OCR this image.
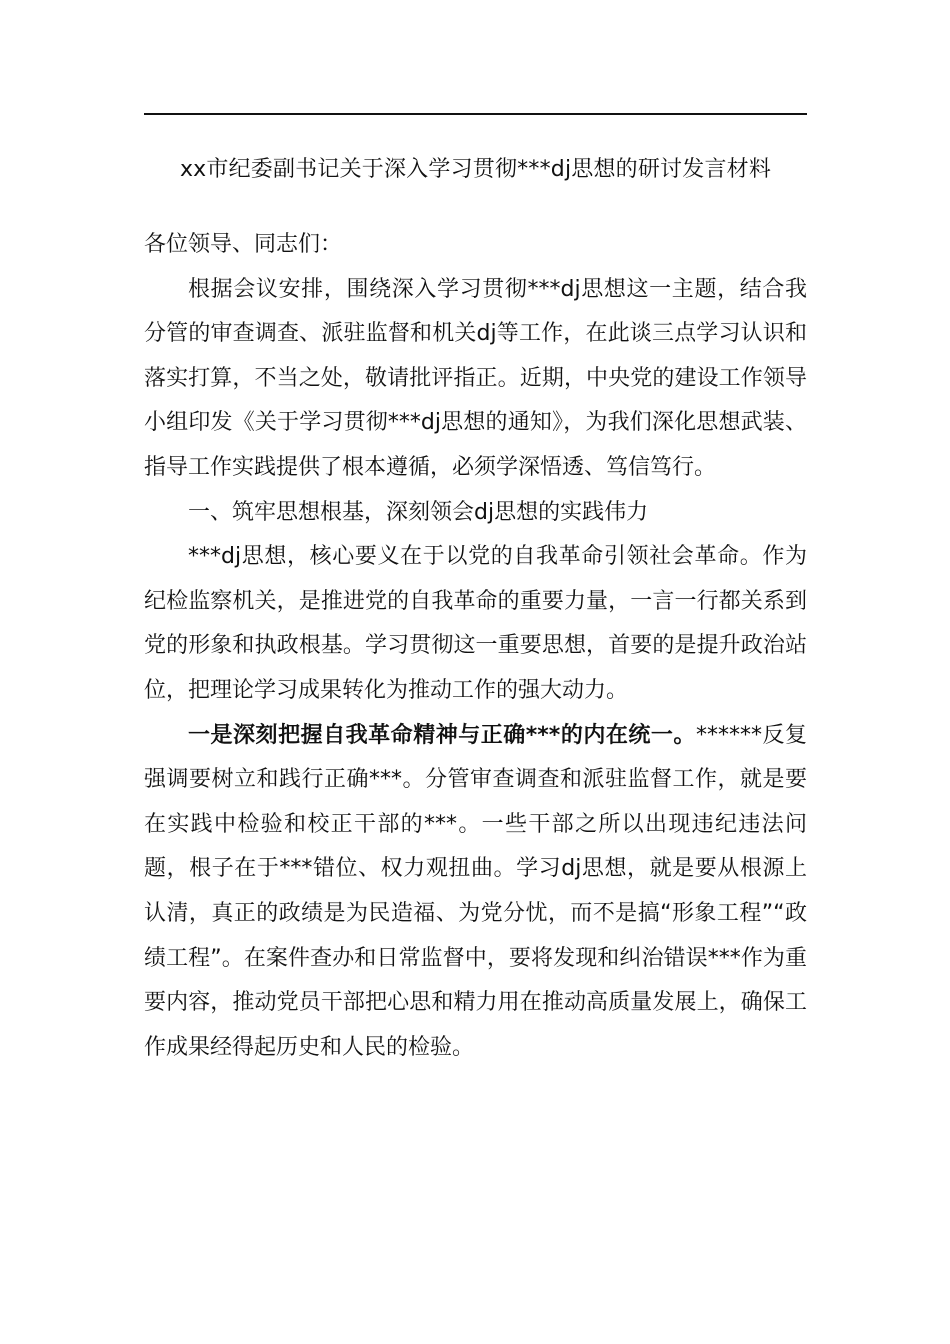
xx市纪委副书记关于深入学习贯彻***dj思想的研讨发言材料

各位领导、同志们：

根据会议安排，围绕深入学习贯彻***dj思想这一主题，结合我分管的审查调查、派驻监督和机关dj等工作，在此谈三点学习认识和落实打算，不当之处，敬请批评指正。近期，中央党的建设工作领导小组印发《关于学习贯彻***dj思想的通知》，为我们深化思想武装、指导工作实践提供了根本遵循，必须学深悟透、笃信笃行。

一、筑牢思想根基，深刻领会dj思想的实践伟力

***dj思想，核心要义在于以党的自我革命引领社会革命。作为纪检监察机关，是推进党的自我革命的重要力量，一言一行都关系到党的形象和执政根基。学习贯彻这一重要思想，首要的是提升政治站位，把理论学习成果转化为推动工作的强大动力。

一是深刻把握自我革命精神与正确***的内在统一。******反复强调要树立和践行正确***。分管审查调查和派驻监督工作，就是要在实践中检验和校正干部的***。一些干部之所以出现违纪违法问题，根子在于***错位、权力观扭曲。学习dj思想，就是要从根源上认清，真正的政绩是为民造福、为党分忧，而不是搞“形象工程”“政绩工程”。在案件查办和日常监督中，要将发现和纠治错误***作为重要内容，推动党员干部把心思和精力用在推动高质量发展上，确保工作成果经得起历史和人民的检验。
